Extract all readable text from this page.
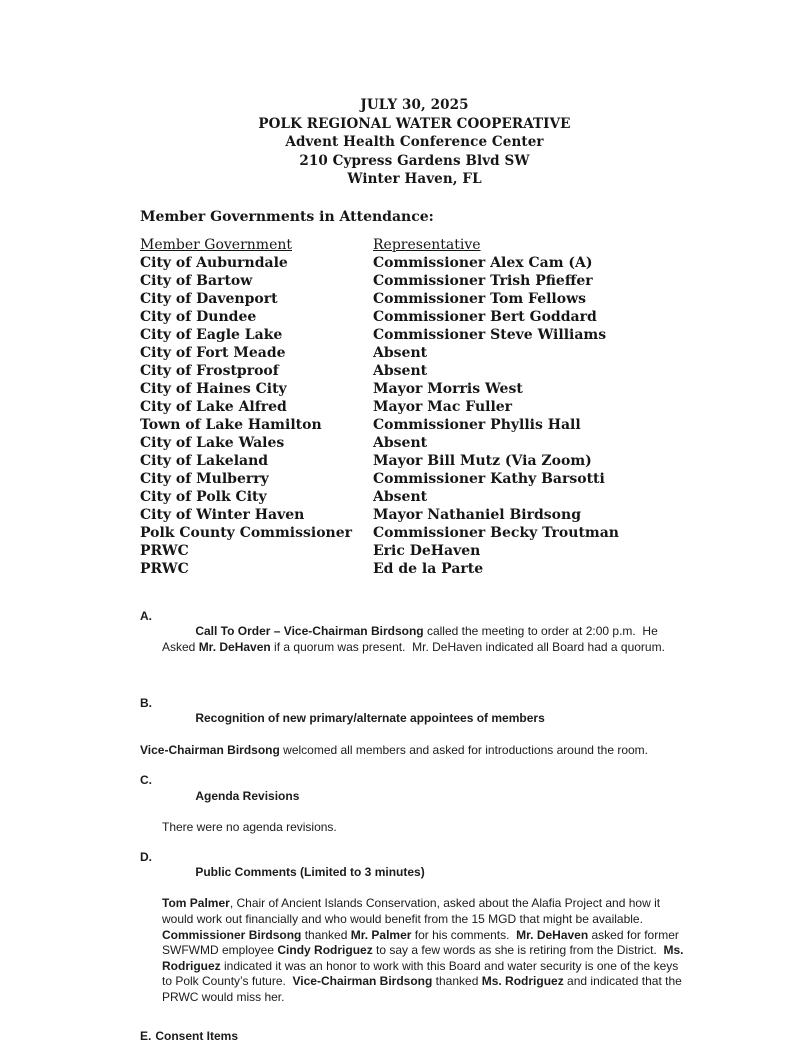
JULY 30, 2025
POLK REGIONAL WATER COOPERATIVE
Advent Health Conference Center
210 Cypress Gardens Blvd SW
Winter Haven, FL
Member Governments in Attendance:
Member Government	Representative
City of Auburndale	Commissioner Alex Cam (A)
City of Bartow	Commissioner Trish Pfieffer
City of Davenport	Commissioner Tom Fellows
City of Dundee	Commissioner Bert Goddard
City of Eagle Lake	Commissioner Steve Williams
City of Fort Meade	Absent
City of Frostproof	Absent
City of Haines City	Mayor Morris West
City of Lake Alfred	Mayor Mac Fuller
Town of Lake Hamilton	Commissioner Phyllis Hall
City of Lake Wales	Absent
City of Lakeland	Mayor Bill Mutz (Via Zoom)
City of Mulberry	Commissioner Kathy Barsotti
City of Polk City	Absent
City of Winter Haven	Mayor Nathaniel Birdsong
Polk County Commissioner	Commissioner Becky Troutman
PRWC	Eric DeHaven
PRWC	Ed de la Parte

A.
Call To Order – Vice-Chairman Birdsong called the meeting to order at 2:00 p.m.  He Asked Mr. DeHaven if a quorum was present.  Mr. DeHaven indicated all Board had a quorum.

B.
Recognition of new primary/alternate appointees of members

Vice-Chairman Birdsong welcomed all members and asked for introductions around the room.

C.
Agenda Revisions

There were no agenda revisions.

D.
Public Comments (Limited to 3 minutes)

Tom Palmer, Chair of Ancient Islands Conservation, asked about the Alafia Project and how it would work out financially and who would benefit from the 15 MGD that might be available.  Commissioner Birdsong thanked Mr. Palmer for his comments.  Mr. DeHaven asked for former SWFWMD employee Cindy Rodriguez to say a few words as she is retiring from the District.  Ms. Rodriguez indicated it was an honor to work with this Board and water security is one of the keys to Polk County’s future.  Vice-Chairman Birdsong thanked Ms. Rodriguez and indicated that the PRWC would miss her.
E. Consent Items
